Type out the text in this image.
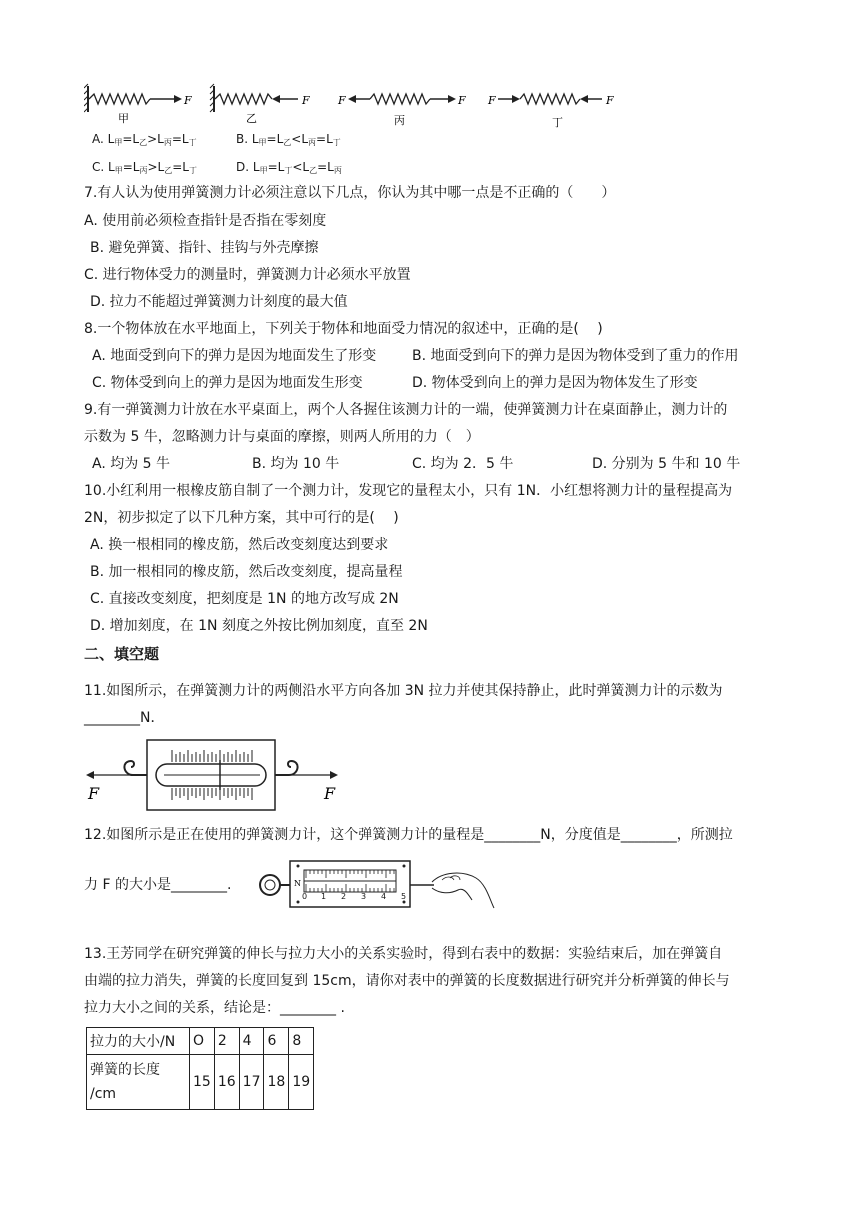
F
甲
F
乙
F	F
丙
F	F
丁
A. $L_甲=L_乙>L_丙=L_丁$	B. $L_甲=L_乙<L_丙=L_丁$
C. $L_甲=L_丙>L_乙=L_丁$	D. $L_甲=L_丁<L_乙=L_丙$
7.有人认为使用弹簧测力计必须注意以下几点，你认为其中哪一点是不正确的（　　）
A. 使用前必须检查指针是否指在零刻度
B. 避免弹簧、指针、挂钩与外壳摩擦
C. 进行物体受力的测量时，弹簧测力计必须水平放置
D. 拉力不能超过弹簧测力计刻度的最大值
8.一个物体放在水平地面上，下列关于物体和地面受力情况的叙述中，正确的是(　 )
A. 地面受到向下的弹力是因为地面发生了形变	B. 地面受到向下的弹力是因为物体受到了重力的作用
C. 物体受到向上的弹力是因为地面发生形变	D. 物体受到向上的弹力是因为物体发生了形变
9.有一弹簧测力计放在水平桌面上，两个人各握住该测力计的一端，使弹簧测力计在桌面静止，测力计的
示数为 5 牛，忽略测力计与桌面的摩擦，则两人所用的力（　）
A. 均为 5 牛	B. 均为 10 牛	C. 均为 2．5 牛	D. 分别为 5 牛和 10 牛
10.小红利用一根橡皮筋自制了一个测力计，发现它的量程太小，只有 1N．小红想将测力计的量程提高为
2N，初步拟定了以下几种方案，其中可行的是(　 )
A. 换一根相同的橡皮筋，然后改变刻度达到要求
B. 加一根相同的橡皮筋，然后改变刻度，提高量程
C. 直接改变刻度，把刻度是 1N 的地方改写成 2N
D. 增加刻度，在 1N 刻度之外按比例加刻度，直至 2N
二、填空题
11.如图所示，在弹簧测力计的两侧沿水平方向各加 3N 拉力并使其保持静止，此时弹簧测力计的示数为
________N．
F	F
12.如图所示是正在使用的弹簧测力计，这个弹簧测力计的量程是________N，分度值是________，所测拉
力 F 的大小是________.	N
0 1 2 3 4 5
13.王芳同学在研究弹簧的伸长与拉力大小的关系实验时，得到右表中的数据：实验结束后，加在弹簧自
由端的拉力消失，弹簧的长度回复到 15cm，请你对表中的弹簧的长度数据进行研究并分析弹簧的伸长与
拉力大小之间的关系，结论是：________ .
拉力的大小/N	O	2	4	6	8

弹簧的长度
/cm	15	16	17	18	19
